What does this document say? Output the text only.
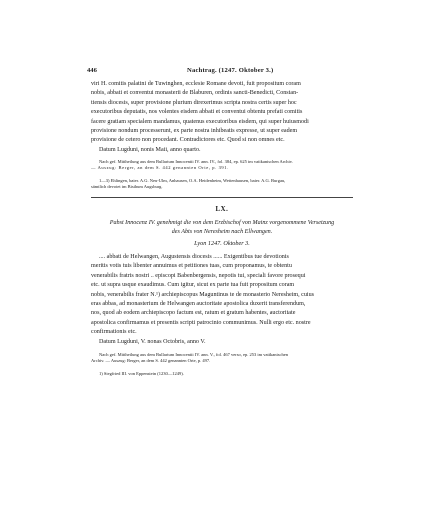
446	Nachtrag. (1247. Oktober 3.)
viri H. comitis palatini de Tuwinghen, ecclesie Romane devoti, fuit propositum coram
nobis, abbati et conventui monasterii de Blaburen, ordinis sancti-Benedicti, Constan-
tiensis diocesis, super provisione plurium direxerimus scripta nostra certis super hoc
executoribus deputatis, nos volentes eisdem abbati et conventui obtentu prefati comitis
facere gratiam specialem mandamus, quatenus executoribus eisdem, qui super huiusmodi
provisione nondum processerunt, ex parte nostra inhibeatis expresse, ut super eadem
provisione de cetero non procedant. Contradictores etc. Quod si non omnes etc.
Datum Lugduni, nonis Maii, anno quarto.
Nach gef. Mittheilung aus dem Bullarium Innocentii IV. ann. IV., fol. 384, ep. 625 im vatikanischen Archiv.
— Auszug: Berger, an dem S. 442 genannten Orte, p. 391.
1—3) Ehlingen, baier. A.G. Neu-Ulm, Anhausen, O.A. Heidenheim, Wettenhausen, baier. A.G. Burgau,
sämtlich devotet im Bisthum Augsburg.
LX.
Pabst Innocenz IV. genehmigt die von dem Erzbischof von Mainz vorgenommene Versetzung
des Abts von Neresheim nach Ellwangen.
Lyon 1247. Oktober 3.
.... abbati de Helwangen, Augustensis diocesis ...... Exigentibus tue devotionis
meritis votis tuis libenter annuimus et petitiones tuas, cum proponamus, te obtentu
venerabilis fratris nostri .. episcopi Babenbergensis, nepotis tui, speciali favore prosequi
etc. ut supra usque exaudimus. Cum igitur, sicut ex parte tua fuit propositum coram
nobis, venerabilis frater N.¹) archiepiscopus Maguntinus te de monasterio Neresheim, cuius
eras abbas, ad monasterium de Helwangen auctoritate apostolica duxerit transferendum,
nos, quod ab eodem archiepiscopo factum est, ratum et gratum habentes, auctoritate
apostolica confirmamus et presentis scripti patrocinio communimus. Nulli ergo etc. nostre
confirmationis etc.
Datum Lugduni, V. nonas Octobris, anno V.
Nach gef. Mittheilung aus dem Bullarium Innocentii IV. ann. V., fol. 467 verso, ep. 253 im vatikanischen
Archiv. — Auszug: Berger, an dem S. 442 genannten Orte, p. 497.
1) Siegfried III. von Eppenstein (1230—1249).
